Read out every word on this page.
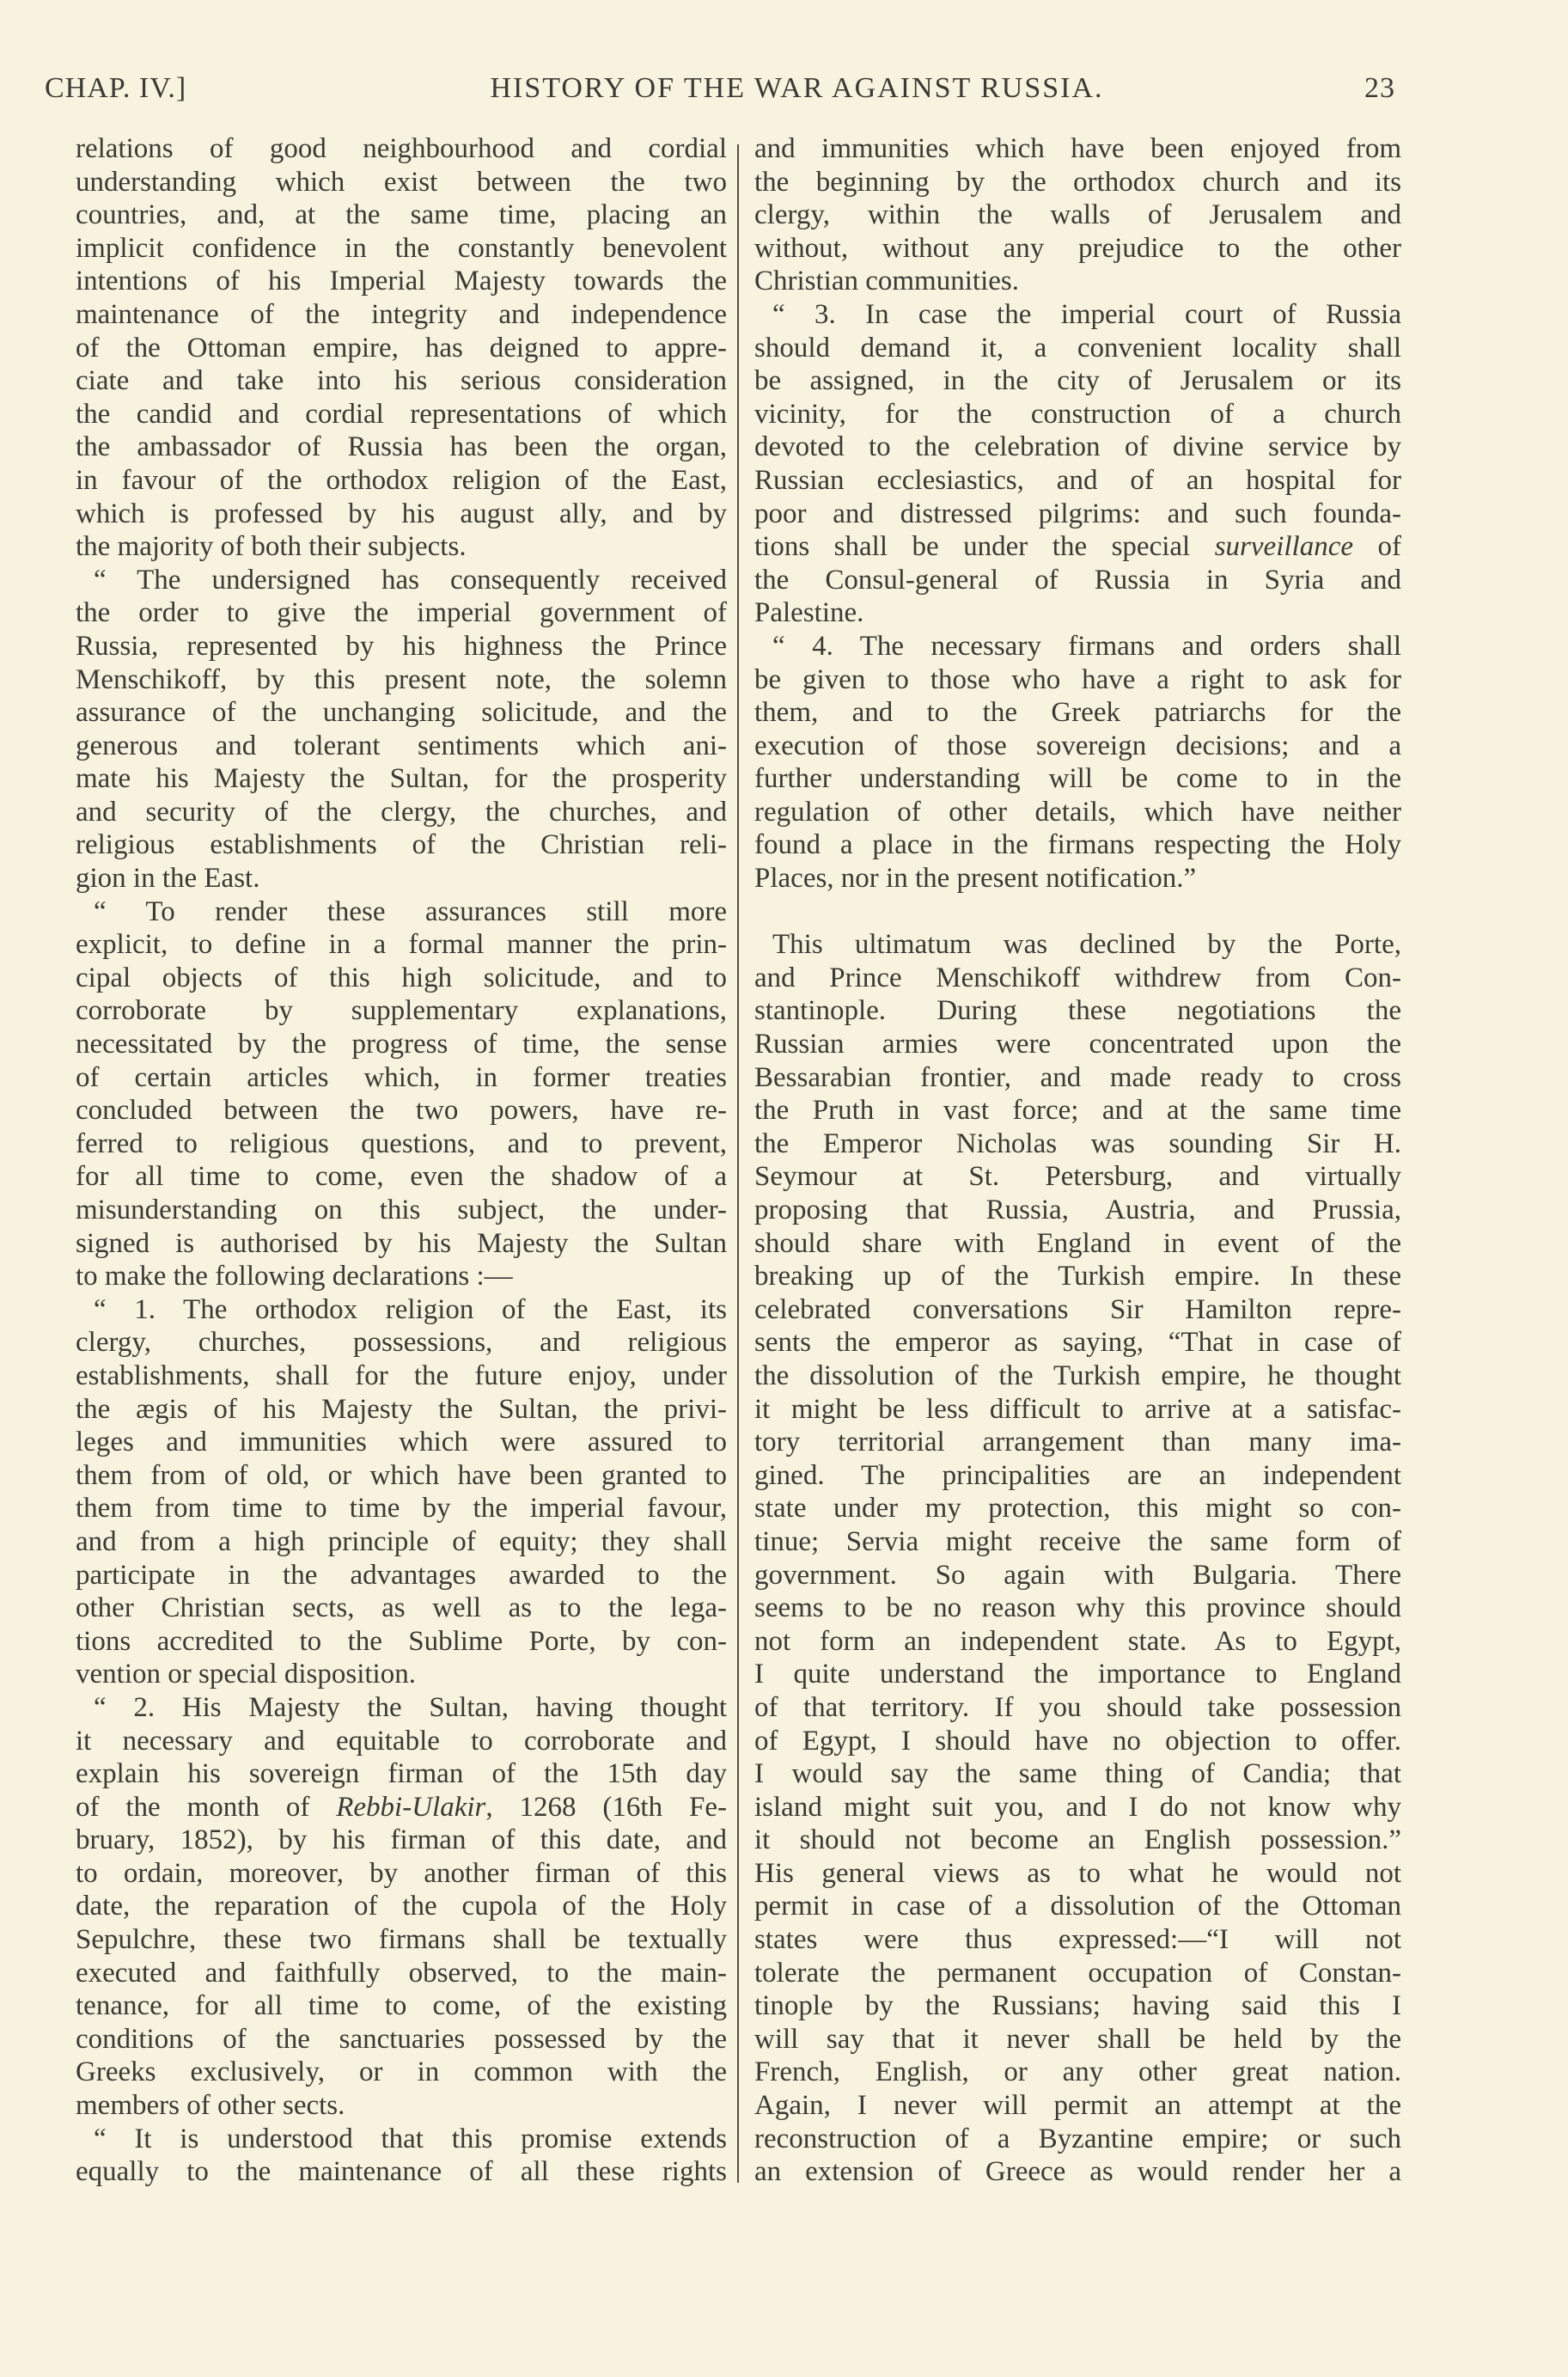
CHAP. IV.]	HISTORY OF THE WAR AGAINST RUSSIA.	23
relations of good neighbourhood and cordial
understanding which exist between the two
countries, and, at the same time, placing an
implicit confidence in the constantly benevolent
intentions of his Imperial Majesty towards the
maintenance of the integrity and independence
of the Ottoman empire, has deigned to appre-
ciate and take into his serious consideration
the candid and cordial representations of which
the ambassador of Russia has been the organ,
in favour of the orthodox religion of the East,
which is professed by his august ally, and by
the majority of both their subjects.
“ The undersigned has consequently received
the order to give the imperial government of
Russia, represented by his highness the Prince
Menschikoff, by this present note, the solemn
assurance of the unchanging solicitude, and the
generous and tolerant sentiments which ani-
mate his Majesty the Sultan, for the prosperity
and security of the clergy, the churches, and
religious establishments of the Christian reli-
gion in the East.
“ To render these assurances still more
explicit, to define in a formal manner the prin-
cipal objects of this high solicitude, and to
corroborate by supplementary explanations,
necessitated by the progress of time, the sense
of certain articles which, in former treaties
concluded between the two powers, have re-
ferred to religious questions, and to prevent,
for all time to come, even the shadow of a
misunderstanding on this subject, the under-
signed is authorised by his Majesty the Sultan
to make the following declarations :—
“ 1. The orthodox religion of the East, its
clergy, churches, possessions, and religious
establishments, shall for the future enjoy, under
the ægis of his Majesty the Sultan, the privi-
leges and immunities which were assured to
them from of old, or which have been granted to
them from time to time by the imperial favour,
and from a high principle of equity; they shall
participate in the advantages awarded to the
other Christian sects, as well as to the lega-
tions accredited to the Sublime Porte, by con-
vention or special disposition.
“ 2. His Majesty the Sultan, having thought
it necessary and equitable to corroborate and
explain his sovereign firman of the 15th day
of the month of Rebbi-Ulakir, 1268 (16th Fe-
bruary, 1852), by his firman of this date, and
to ordain, moreover, by another firman of this
date, the reparation of the cupola of the Holy
Sepulchre, these two firmans shall be textually
executed and faithfully observed, to the main-
tenance, for all time to come, of the existing
conditions of the sanctuaries possessed by the
Greeks exclusively, or in common with the
members of other sects.
“ It is understood that this promise extends
equally to the maintenance of all these rights
and immunities which have been enjoyed from
the beginning by the orthodox church and its
clergy, within the walls of Jerusalem and
without, without any prejudice to the other
Christian communities.
“ 3. In case the imperial court of Russia
should demand it, a convenient locality shall
be assigned, in the city of Jerusalem or its
vicinity, for the construction of a church
devoted to the celebration of divine service by
Russian ecclesiastics, and of an hospital for
poor and distressed pilgrims: and such founda-
tions shall be under the special surveillance of
the Consul-general of Russia in Syria and
Palestine.
“ 4. The necessary firmans and orders shall
be given to those who have a right to ask for
them, and to the Greek patriarchs for the
execution of those sovereign decisions; and a
further understanding will be come to in the
regulation of other details, which have neither
found a place in the firmans respecting the Holy
Places, nor in the present notification.”
This ultimatum was declined by the Porte,
and Prince Menschikoff withdrew from Con-
stantinople. During these negotiations the
Russian armies were concentrated upon the
Bessarabian frontier, and made ready to cross
the Pruth in vast force; and at the same time
the Emperor Nicholas was sounding Sir H.
Seymour at St. Petersburg, and virtually
proposing that Russia, Austria, and Prussia,
should share with England in event of the
breaking up of the Turkish empire. In these
celebrated conversations Sir Hamilton repre-
sents the emperor as saying, “That in case of
the dissolution of the Turkish empire, he thought
it might be less difficult to arrive at a satisfac-
tory territorial arrangement than many ima-
gined. The principalities are an independent
state under my protection, this might so con-
tinue; Servia might receive the same form of
government. So again with Bulgaria. There
seems to be no reason why this province should
not form an independent state. As to Egypt,
I quite understand the importance to England
of that territory. If you should take possession
of Egypt, I should have no objection to offer.
I would say the same thing of Candia; that
island might suit you, and I do not know why
it should not become an English possession.”
His general views as to what he would not
permit in case of a dissolution of the Ottoman
states were thus expressed:—“I will not
tolerate the permanent occupation of Constan-
tinople by the Russians; having said this I
will say that it never shall be held by the
French, English, or any other great nation.
Again, I never will permit an attempt at the
reconstruction of a Byzantine empire; or such
an extension of Greece as would render her a
